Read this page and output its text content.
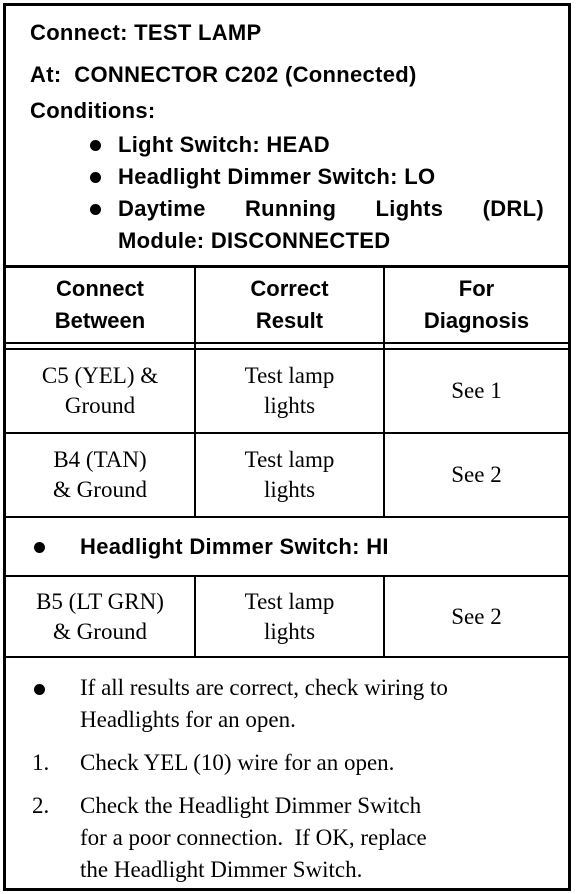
Connect: TEST LAMP
At: CONNECTOR C202 (Connected)
Conditions:
Light Switch: HEAD
Headlight Dimmer Switch: LO
Daytime Running Lights (DRL)
Module: DISCONNECTED
Connect
Between
Correct
Result
For
Diagnosis
C5 (YEL) &
Ground
Test lamp
lights
See 1
B4 (TAN)
& Ground
Test lamp
lights
See 2
Headlight Dimmer Switch: HI
B5 (LT GRN)
& Ground
Test lamp
lights
See 2
If all results are correct, check wiring to
Headlights for an open.
1. Check YEL (10) wire for an open.
2. Check the Headlight Dimmer Switch
for a poor connection.  If OK, replace
the Headlight Dimmer Switch.
